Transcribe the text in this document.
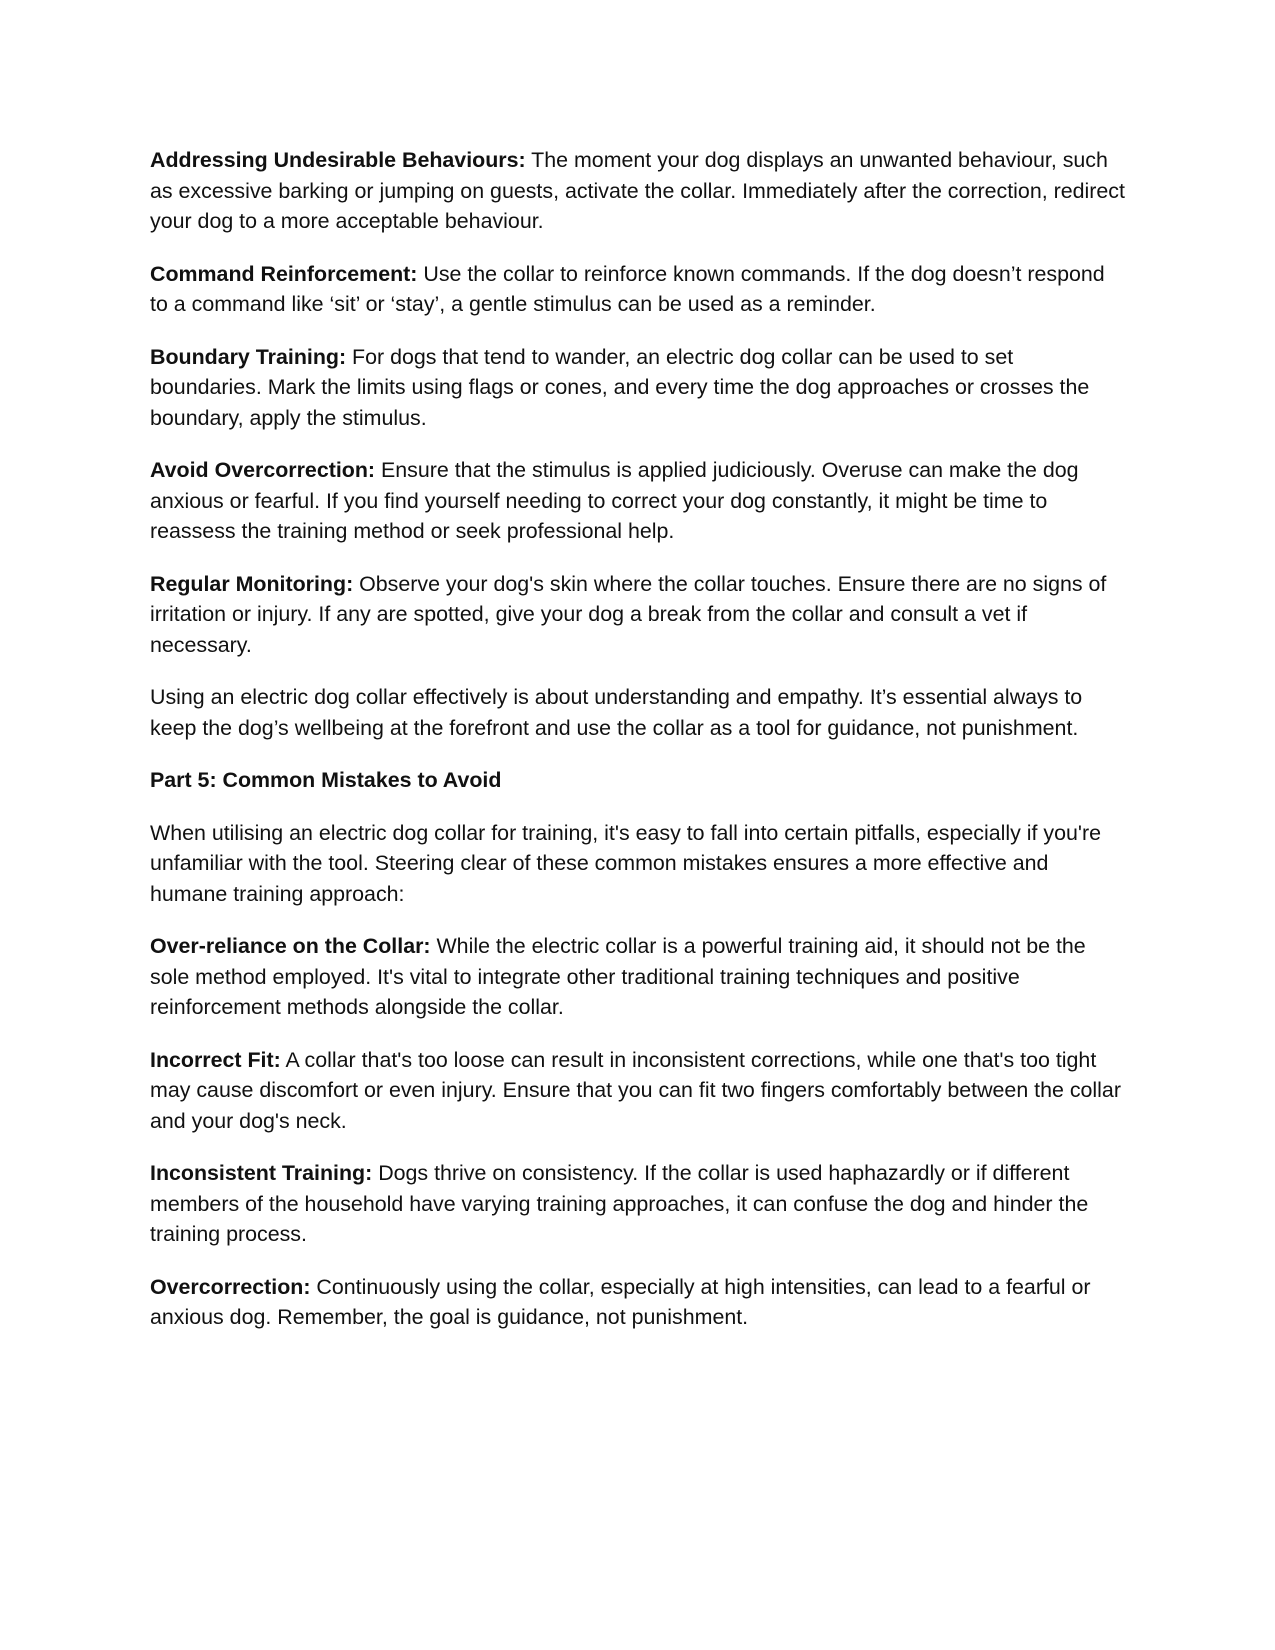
Addressing Undesirable Behaviours: The moment your dog displays an unwanted behaviour, such as excessive barking or jumping on guests, activate the collar. Immediately after the correction, redirect your dog to a more acceptable behaviour.

Command Reinforcement: Use the collar to reinforce known commands. If the dog doesn’t respond to a command like ‘sit’ or ‘stay’, a gentle stimulus can be used as a reminder.

Boundary Training: For dogs that tend to wander, an electric dog collar can be used to set boundaries. Mark the limits using flags or cones, and every time the dog approaches or crosses the boundary, apply the stimulus.

Avoid Overcorrection: Ensure that the stimulus is applied judiciously. Overuse can make the dog anxious or fearful. If you find yourself needing to correct your dog constantly, it might be time to reassess the training method or seek professional help.

Regular Monitoring: Observe your dog's skin where the collar touches. Ensure there are no signs of irritation or injury. If any are spotted, give your dog a break from the collar and consult a vet if necessary.

Using an electric dog collar effectively is about understanding and empathy. It’s essential always to keep the dog’s wellbeing at the forefront and use the collar as a tool for guidance, not punishment.

Part 5: Common Mistakes to Avoid

When utilising an electric dog collar for training, it's easy to fall into certain pitfalls, especially if you're unfamiliar with the tool. Steering clear of these common mistakes ensures a more effective and humane training approach:

Over-reliance on the Collar: While the electric collar is a powerful training aid, it should not be the sole method employed. It's vital to integrate other traditional training techniques and positive reinforcement methods alongside the collar.

Incorrect Fit: A collar that's too loose can result in inconsistent corrections, while one that's too tight may cause discomfort or even injury. Ensure that you can fit two fingers comfortably between the collar and your dog's neck.

Inconsistent Training: Dogs thrive on consistency. If the collar is used haphazardly or if different members of the household have varying training approaches, it can confuse the dog and hinder the training process.

Overcorrection: Continuously using the collar, especially at high intensities, can lead to a fearful or anxious dog. Remember, the goal is guidance, not punishment.
